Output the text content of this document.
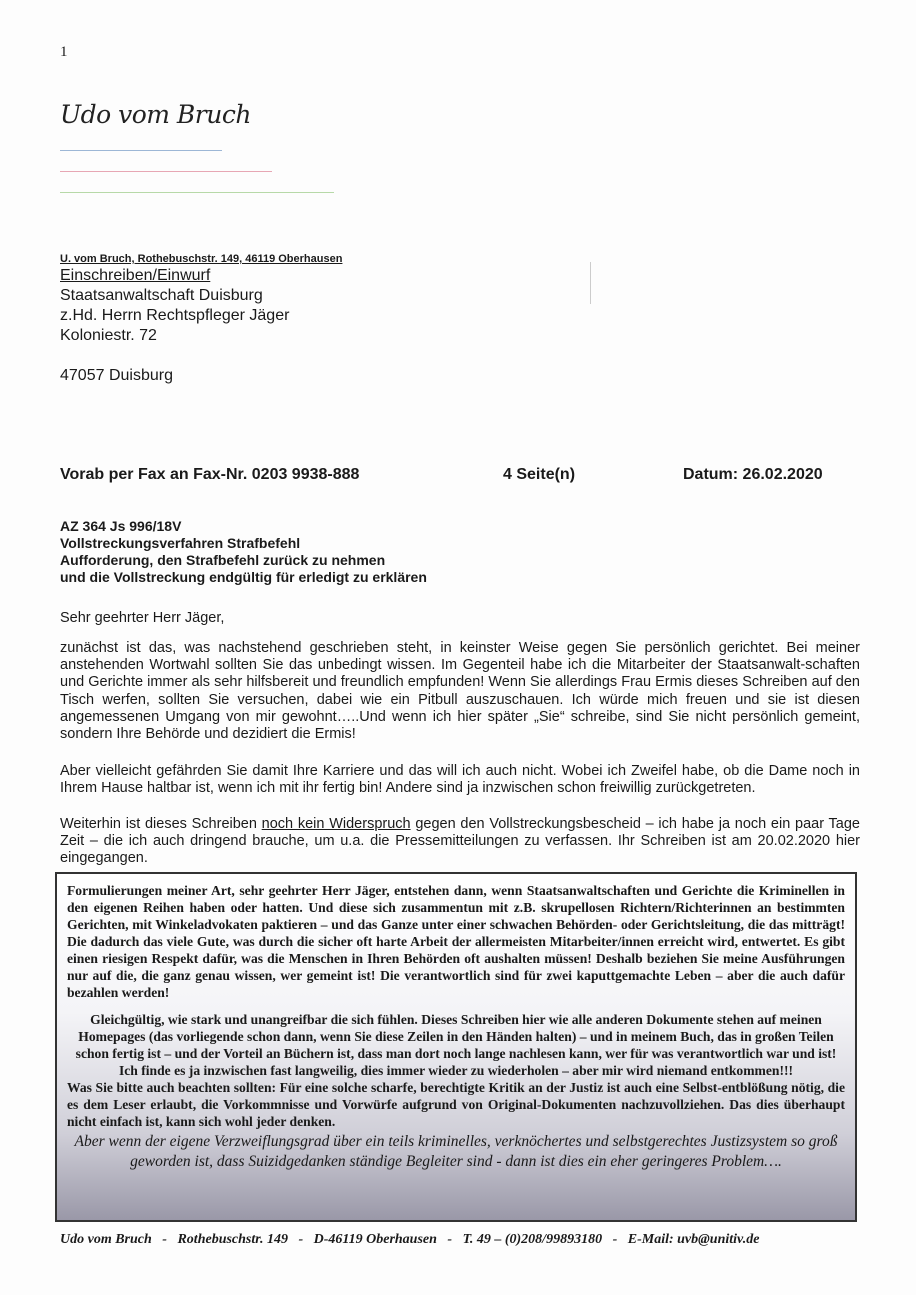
1
Udo vom Bruch
U. vom Bruch, Rothebuschstr. 149, 46119 Oberhausen
Einschreiben/Einwurf
Staatsanwaltschaft Duisburg
z.Hd. Herrn Rechtspfleger Jäger
Koloniestr. 72
47057 Duisburg
Vorab per Fax an Fax-Nr. 0203 9938-888	4 Seite(n)	Datum: 26.02.2020
AZ 364 Js 996/18V
Vollstreckungsverfahren Strafbefehl
Aufforderung, den Strafbefehl zurück zu nehmen
und die Vollstreckung endgültig für erledigt zu erklären
Sehr geehrter Herr Jäger,
zunächst ist das, was nachstehend geschrieben steht, in keinster Weise gegen Sie persönlich gerichtet. Bei meiner anstehenden Wortwahl sollten Sie das unbedingt wissen. Im Gegenteil habe ich die Mitarbeiter der Staatsanwalt-schaften und Gerichte immer als sehr hilfsbereit und freundlich empfunden! Wenn Sie allerdings Frau Ermis dieses Schreiben auf den Tisch werfen, sollten Sie versuchen, dabei wie ein Pitbull auszuschauen. Ich würde mich freuen und sie ist diesen angemessenen Umgang von mir gewohnt…..Und wenn ich hier später „Sie“ schreibe, sind Sie nicht persönlich gemeint, sondern Ihre Behörde und dezidiert die Ermis!
Aber vielleicht gefährden Sie damit Ihre Karriere und das will ich auch nicht. Wobei ich Zweifel habe, ob die Dame noch in Ihrem Hause haltbar ist, wenn ich mit ihr fertig bin! Andere sind ja inzwischen schon freiwillig zurückgetreten.
Weiterhin ist dieses Schreiben noch kein Widerspruch gegen den Vollstreckungsbescheid – ich habe ja noch ein paar Tage Zeit – die ich auch dringend brauche, um u.a. die Pressemitteilungen zu verfassen. Ihr Schreiben ist am 20.02.2020 hier eingegangen.

Formulierungen meiner Art, sehr geehrter Herr Jäger, entstehen dann, wenn Staatsanwaltschaften und Gerichte die Kriminellen in den eigenen Reihen haben oder hatten. Und diese sich zusammentun mit z.B. skrupellosen Richtern/Richterinnen an bestimmten Gerichten, mit Winkeladvokaten paktieren – und das Ganze unter einer schwachen Behörden- oder Gerichtsleitung, die das mitträgt! Die dadurch das viele Gute, was durch die sicher oft harte Arbeit der allermeisten Mitarbeiter/innen erreicht wird, entwertet. Es gibt einen riesigen Respekt dafür, was die Menschen in Ihren Behörden oft aushalten müssen! Deshalb beziehen Sie meine Ausführungen nur auf die, die ganz genau wissen, wer gemeint ist! Die verantwortlich sind für zwei kaputtgemachte Leben – aber die auch dafür bezahlen werden!

Gleichgültig, wie stark und unangreifbar die sich fühlen. Dieses Schreiben hier wie alle anderen Dokumente stehen auf meinen Homepages (das vorliegende schon dann, wenn Sie diese Zeilen in den Händen halten) – und in meinem Buch, das in großen Teilen schon fertig ist – und der Vorteil an Büchern ist, dass man dort noch lange nachlesen kann, wer für was verantwortlich war und ist! Ich finde es ja inzwischen fast langweilig, dies immer wieder zu wiederholen – aber mir wird niemand entkommen!!!

Was Sie bitte auch beachten sollten: Für eine solche scharfe, berechtigte Kritik an der Justiz ist auch eine Selbst-entblößung nötig, die es dem Leser erlaubt, die Vorkommnisse und Vorwürfe aufgrund von Original-Dokumenten nachzuvollziehen. Das dies überhaupt nicht einfach ist, kann sich wohl jeder denken.

Aber wenn der eigene Verzweiflungsgrad über ein teils kriminelles, verknöchertes und selbstgerechtes Justizsystem so groß geworden ist, dass Suizidgedanken ständige Begleiter sind - dann ist dies ein eher geringeres Problem….

Udo vom Bruch - Rothebuschstr. 149 - D-46119 Oberhausen - T. 49 – (0)208/99893180 - E-Mail: uvb@unitiv.de
